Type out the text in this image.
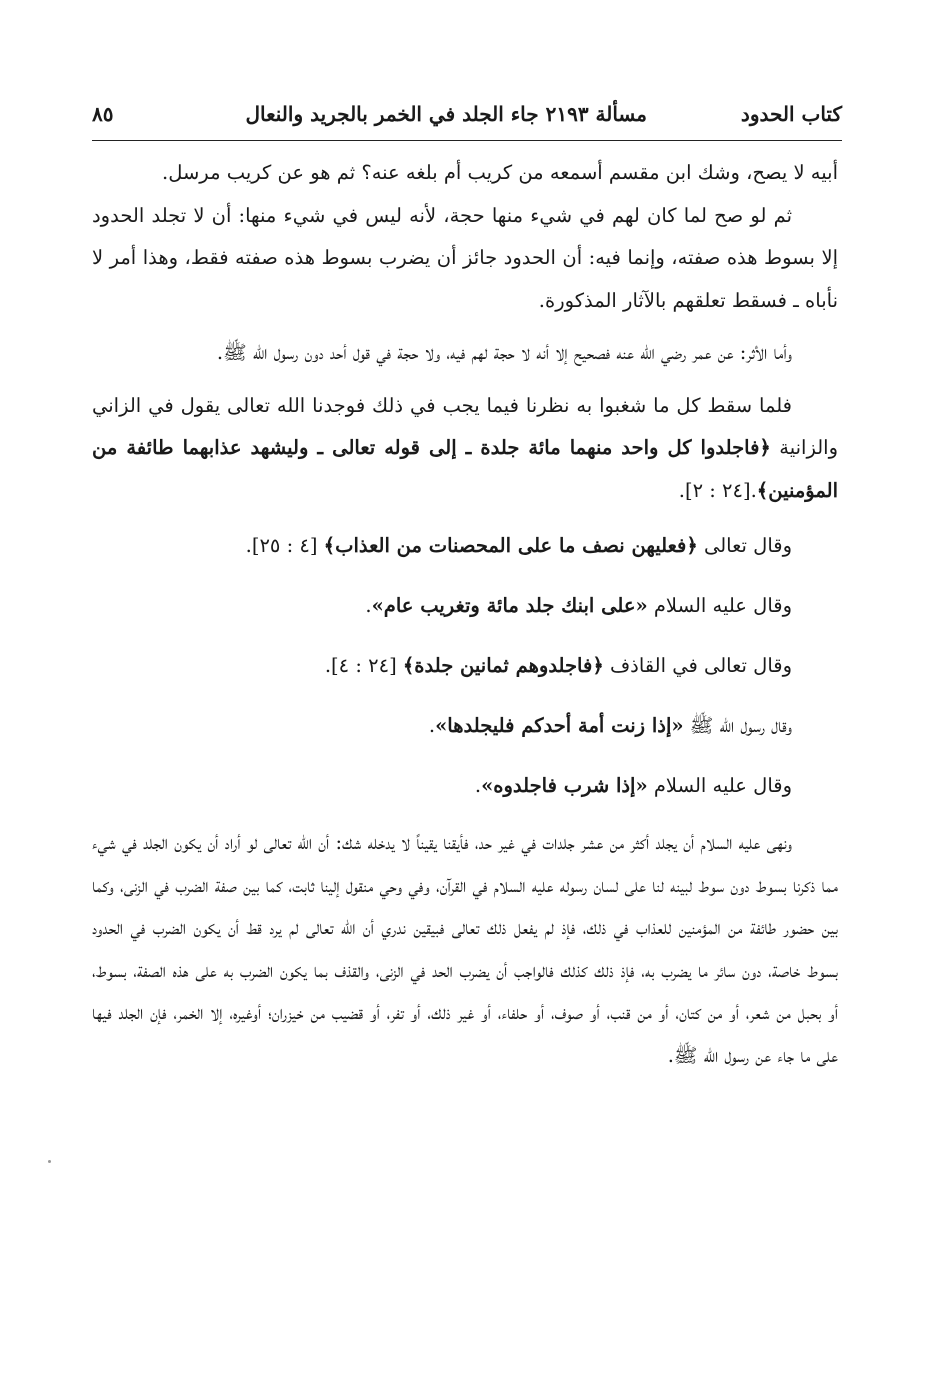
كتاب الحدود
مسألة ٢١٩٣ جاء الجلد في الخمر بالجريد والنعال
٨٥

أبيه لا يصح، وشك ابن مقسم أسمعه من كريب أم بلغه عنه؟ ثم هو عن كريب مرسل.

ثم لو صح لما كان لهم في شيء منها حجة، لأنه ليس في شيء منها: أن لا تجلد الحدود إلا بسوط هذه صفته، وإنما فيه: أن الحدود جائز أن يضرب بسوط هذه صفته فقط، وهذا أمر لا نأباه ـ فسقط تعلقهم بالآثار المذكورة.

وأما الأثر: عن عمر رضي الله عنه فصحيح إلا أنه لا حجة لهم فيه، ولا حجة في قول أحد دون رسول الله ﷺ.

فلما سقط كل ما شغبوا به نظرنا فيما يجب في ذلك فوجدنا الله تعالى يقول في الزاني والزانية ﴿فاجلدوا كل واحد منهما مائة جلدة ـ إلى قوله تعالى ـ وليشهد عذابهما طائفة من المؤمنين﴾.[٢٤ : ٢].

وقال تعالى ﴿فعليهن نصف ما على المحصنات من العذاب﴾ [٤ : ٢٥].

وقال عليه السلام «على ابنك جلد مائة وتغريب عام».

وقال تعالى في القاذف ﴿فاجلدوهم ثمانين جلدة﴾ [٢٤ : ٤].

وقال رسول الله ﷺ «إذا زنت أمة أحدكم فليجلدها».

وقال عليه السلام «إذا شرب فاجلدوه».

ونهى عليه السلام أن يجلد أكثر من عشر جلدات في غير حد، فأيقنا يقيناً لا يدخله شك: أن الله تعالى لو أراد أن يكون الجلد في شيء مما ذكرنا بسوط دون سوط لبينه لنا على لسان رسوله عليه السلام في القرآن، وفي وحي منقول إلينا ثابت، كما بين صفة الضرب في الزنى، وكما بين حضور طائفة من المؤمنين للعذاب في ذلك، فإذ لم يفعل ذلك تعالى فبيقين ندري أن الله تعالى لم يرد قط أن يكون الضرب في الحدود بسوط خاصة، دون سائر ما يضرب به، فإذ ذلك كذلك فالواجب أن يضرب الحد في الزنى، والقذف بما يكون الضرب به على هذه الصفة، بسوط، أو بحبل من شعر، أو من كتان، أو من قنب، أو صوف، أو حلفاء، أو غير ذلك، أو تفر، أو قضيب من خيزران؛ أوغيره، إلا الخمر، فإن الجلد فيها على ما جاء عن رسول الله ﷺ.
